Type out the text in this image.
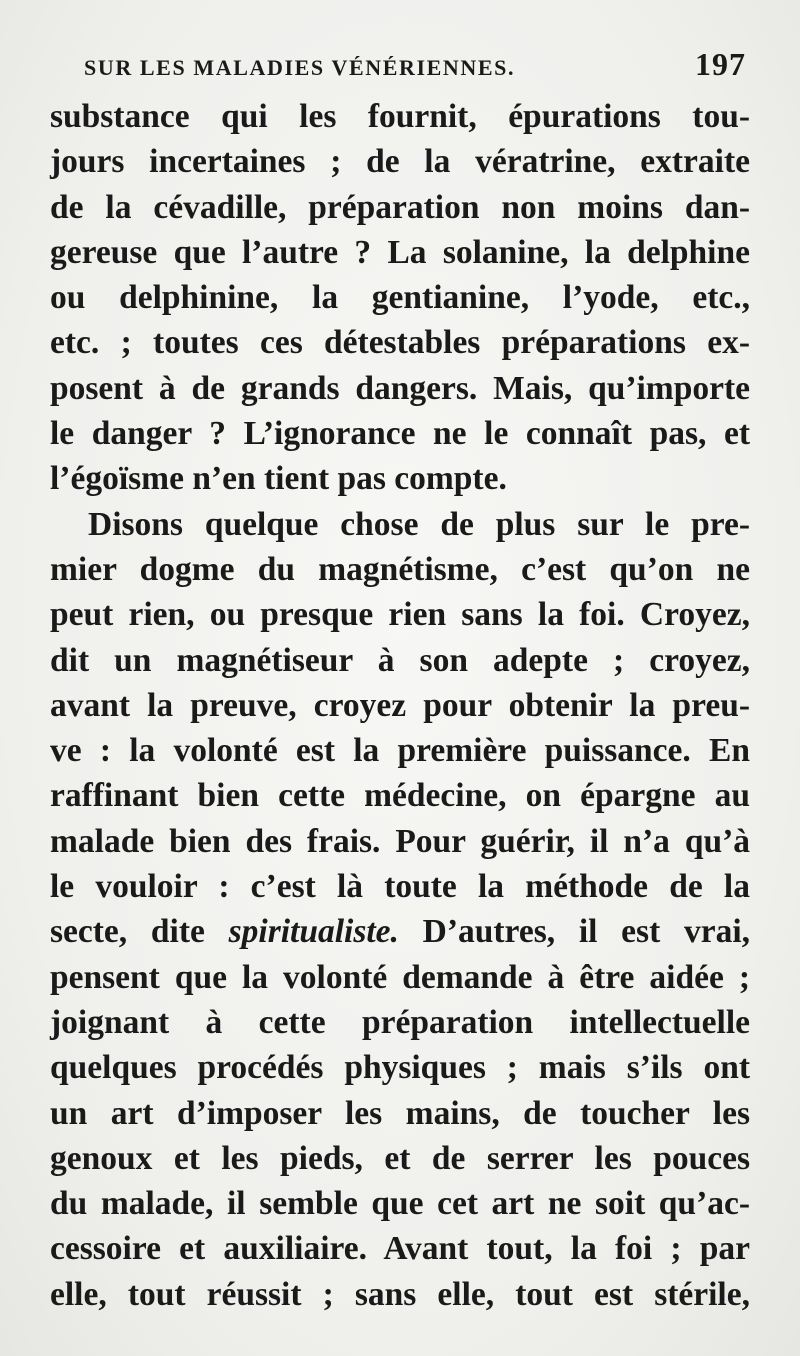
SUR LES MALADIES VÉNÉRIENNES.	197
substance qui les fournit, épurations tou-
jours incertaines ; de la vératrine, extraite
de la cévadille, préparation non moins dan-
gereuse que l’autre ? La solanine, la delphine
ou delphinine, la gentianine, l’yode, etc.,
etc. ; toutes ces détestables préparations ex-
posent à de grands dangers. Mais, qu’importe
le danger ? L’ignorance ne le connaît pas, et
l’égoïsme n’en tient pas compte.
Disons quelque chose de plus sur le pre-
mier dogme du magnétisme, c’est qu’on ne
peut rien, ou presque rien sans la foi. Croyez,
dit un magnétiseur à son adepte ; croyez,
avant la preuve, croyez pour obtenir la preu-
ve : la volonté est la première puissance. En
raffinant bien cette médecine, on épargne au
malade bien des frais. Pour guérir, il n’a qu’à
le vouloir : c’est là toute la méthode de la
secte, dite spiritualiste. D’autres, il est vrai,
pensent que la volonté demande à être aidée ;
joignant à cette préparation intellectuelle
quelques procédés physiques ; mais s’ils ont
un art d’imposer les mains, de toucher les
genoux et les pieds, et de serrer les pouces
du malade, il semble que cet art ne soit qu’ac-
cessoire et auxiliaire. Avant tout, la foi ; par
elle, tout réussit ; sans elle, tout est stérile,
